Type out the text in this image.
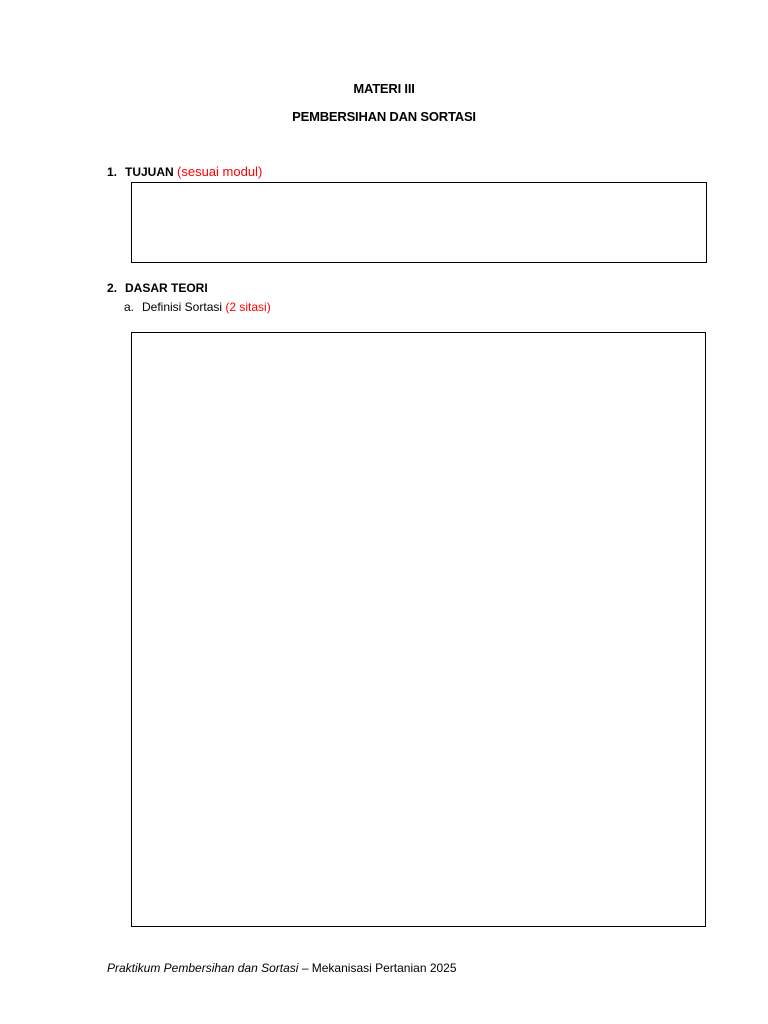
MATERI III
PEMBERSIHAN DAN SORTASI
1. TUJUAN (sesuai modul)
2. DASAR TEORI
a. Definisi Sortasi (2 sitasi)
Praktikum Pembersihan dan Sortasi – Mekanisasi Pertanian 2025
